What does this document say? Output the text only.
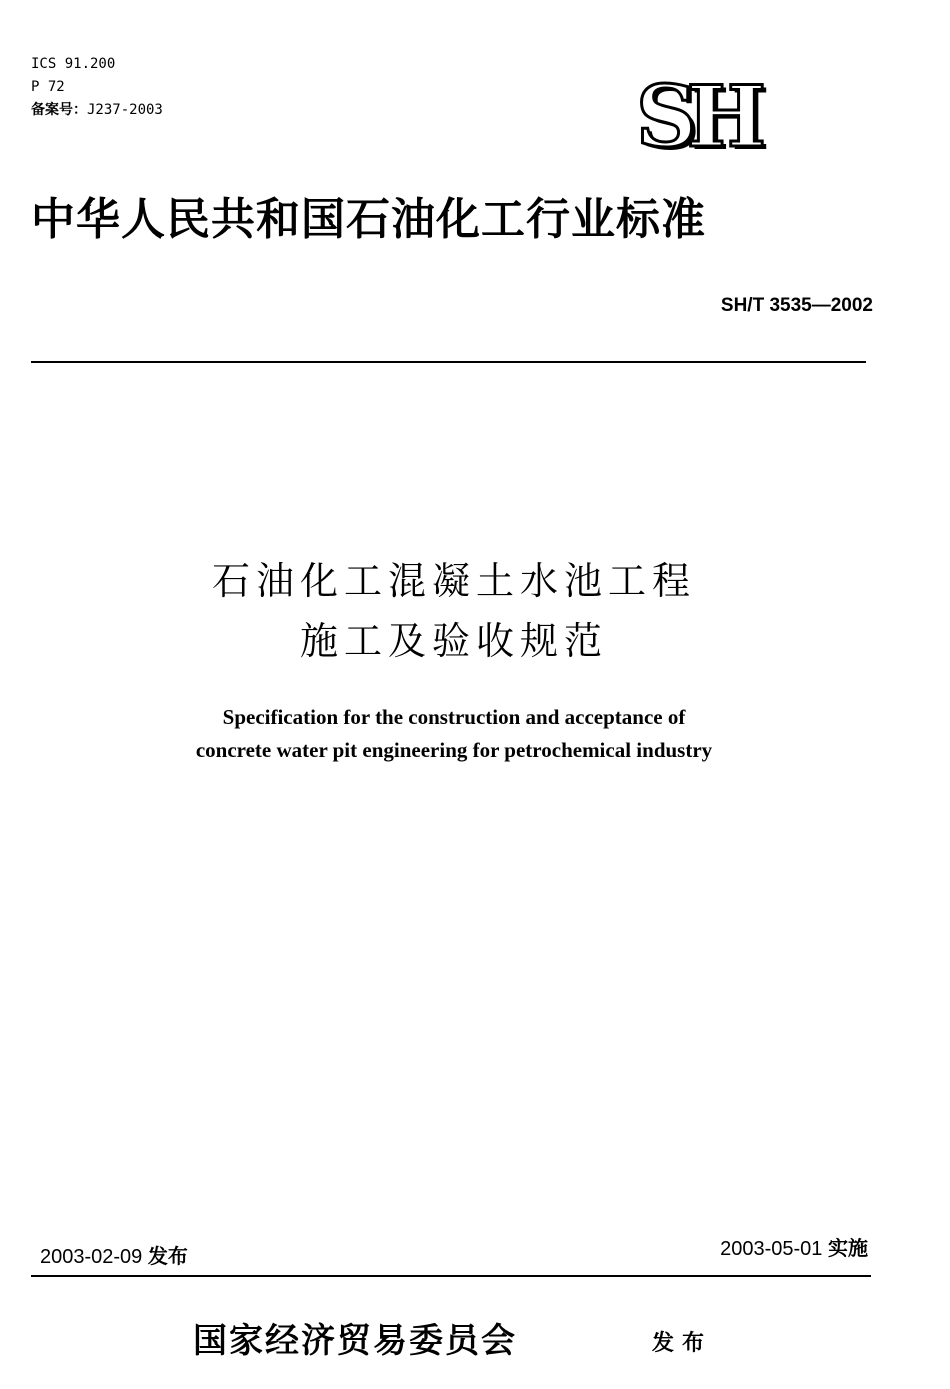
ICS 91.200
P 72
备案号：J237-2003	SH
中华人民共和国石油化工行业标准
SH/T 3535—2002
石油化工混凝土水池工程
施工及验收规范
Specification for the construction and acceptance of
concrete water pit engineering for petrochemical industry
2003-02-09 发布	2003-05-01 实施
国家经济贸易委员会	发布
